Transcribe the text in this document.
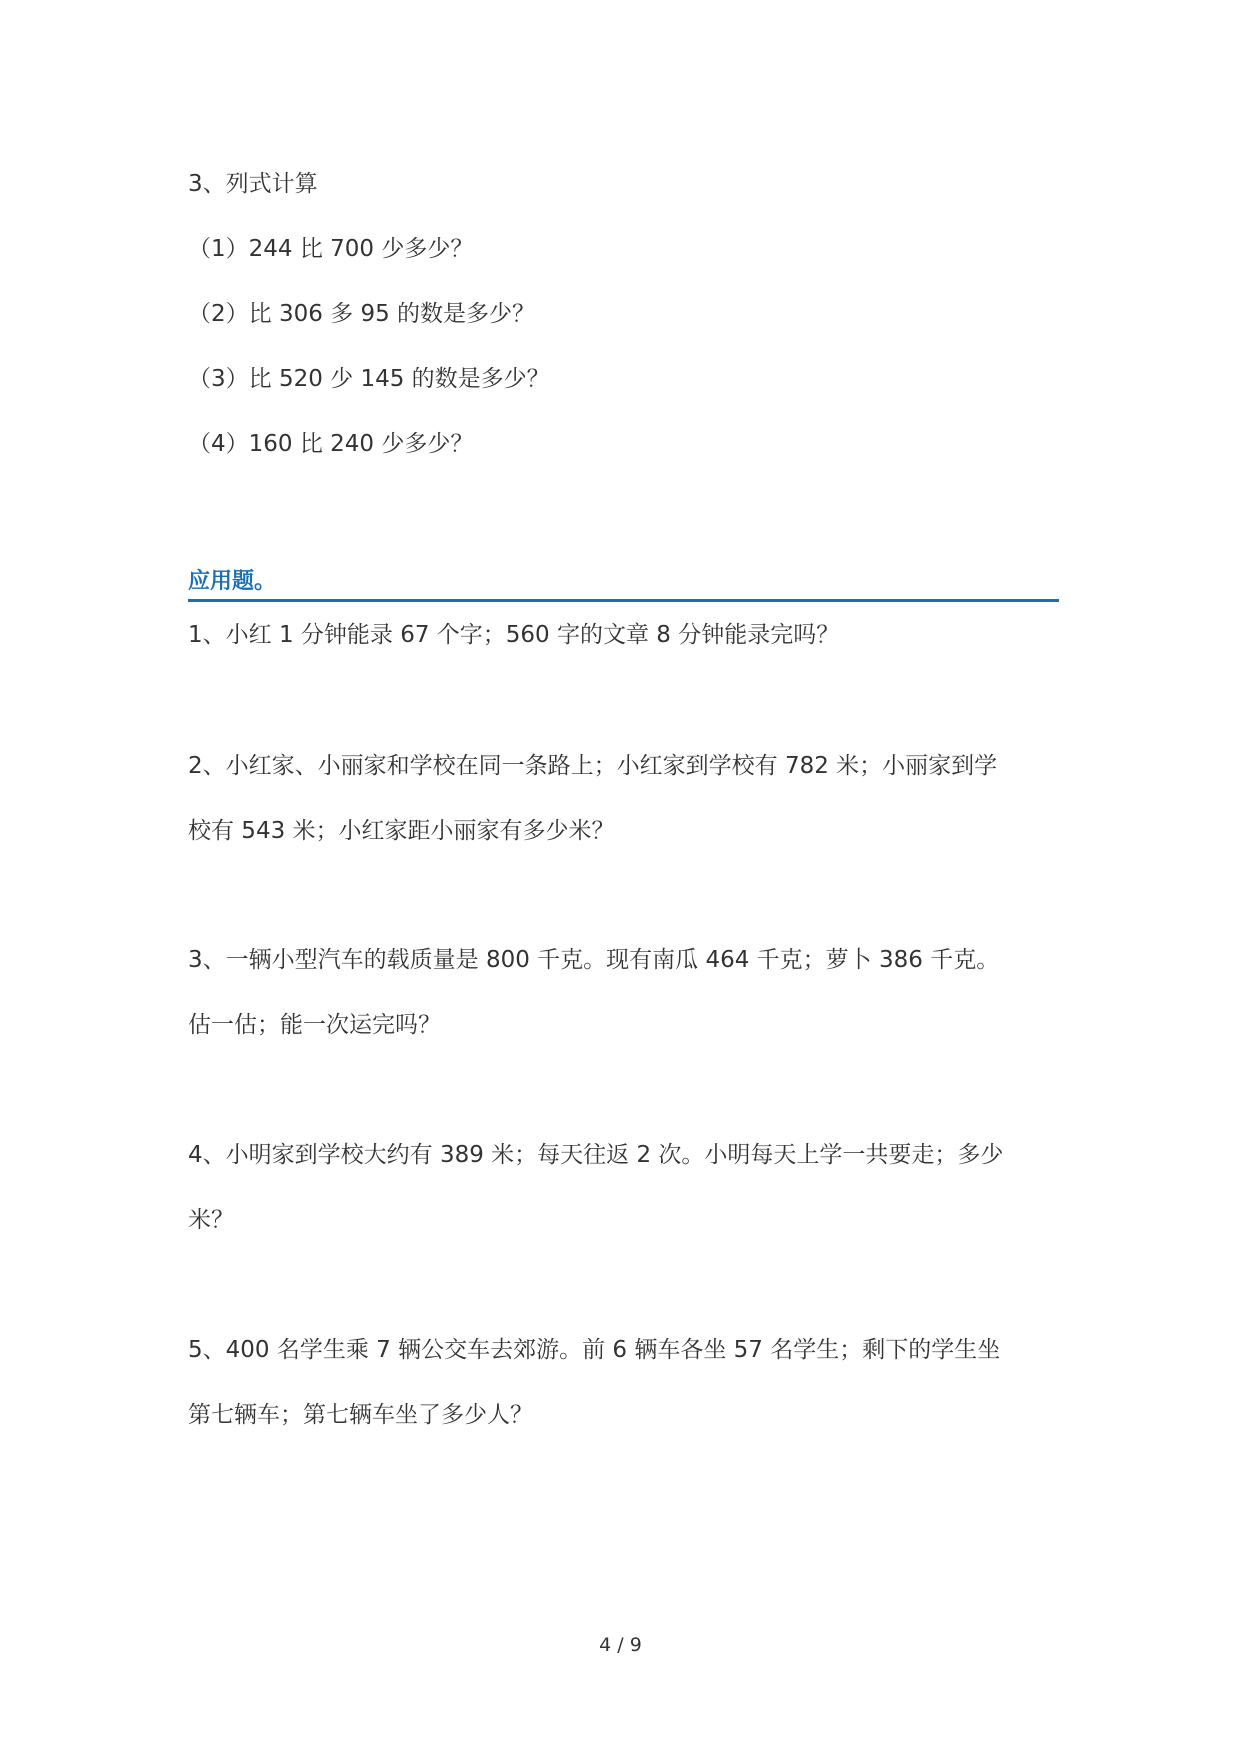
3、列式计算
（1）244 比 700 少多少？
（2）比 306 多 95 的数是多少？
（3）比 520 少 145 的数是多少？
（4）160 比 240 少多少？
应用题。
1、小红 1 分钟能录 67 个字；560 字的文章 8 分钟能录完吗？
2、小红家、小丽家和学校在同一条路上；小红家到学校有 782 米；小丽家到学
校有 543 米；小红家距小丽家有多少米？
3、一辆小型汽车的载质量是 800 千克。现有南瓜 464 千克；萝卜 386 千克。
估一估；能一次运完吗？
4、小明家到学校大约有 389 米；每天往返 2 次。小明每天上学一共要走；多少
米？
5、400 名学生乘 7 辆公交车去郊游。前 6 辆车各坐 57 名学生；剩下的学生坐
第七辆车；第七辆车坐了多少人？
4 / 9
